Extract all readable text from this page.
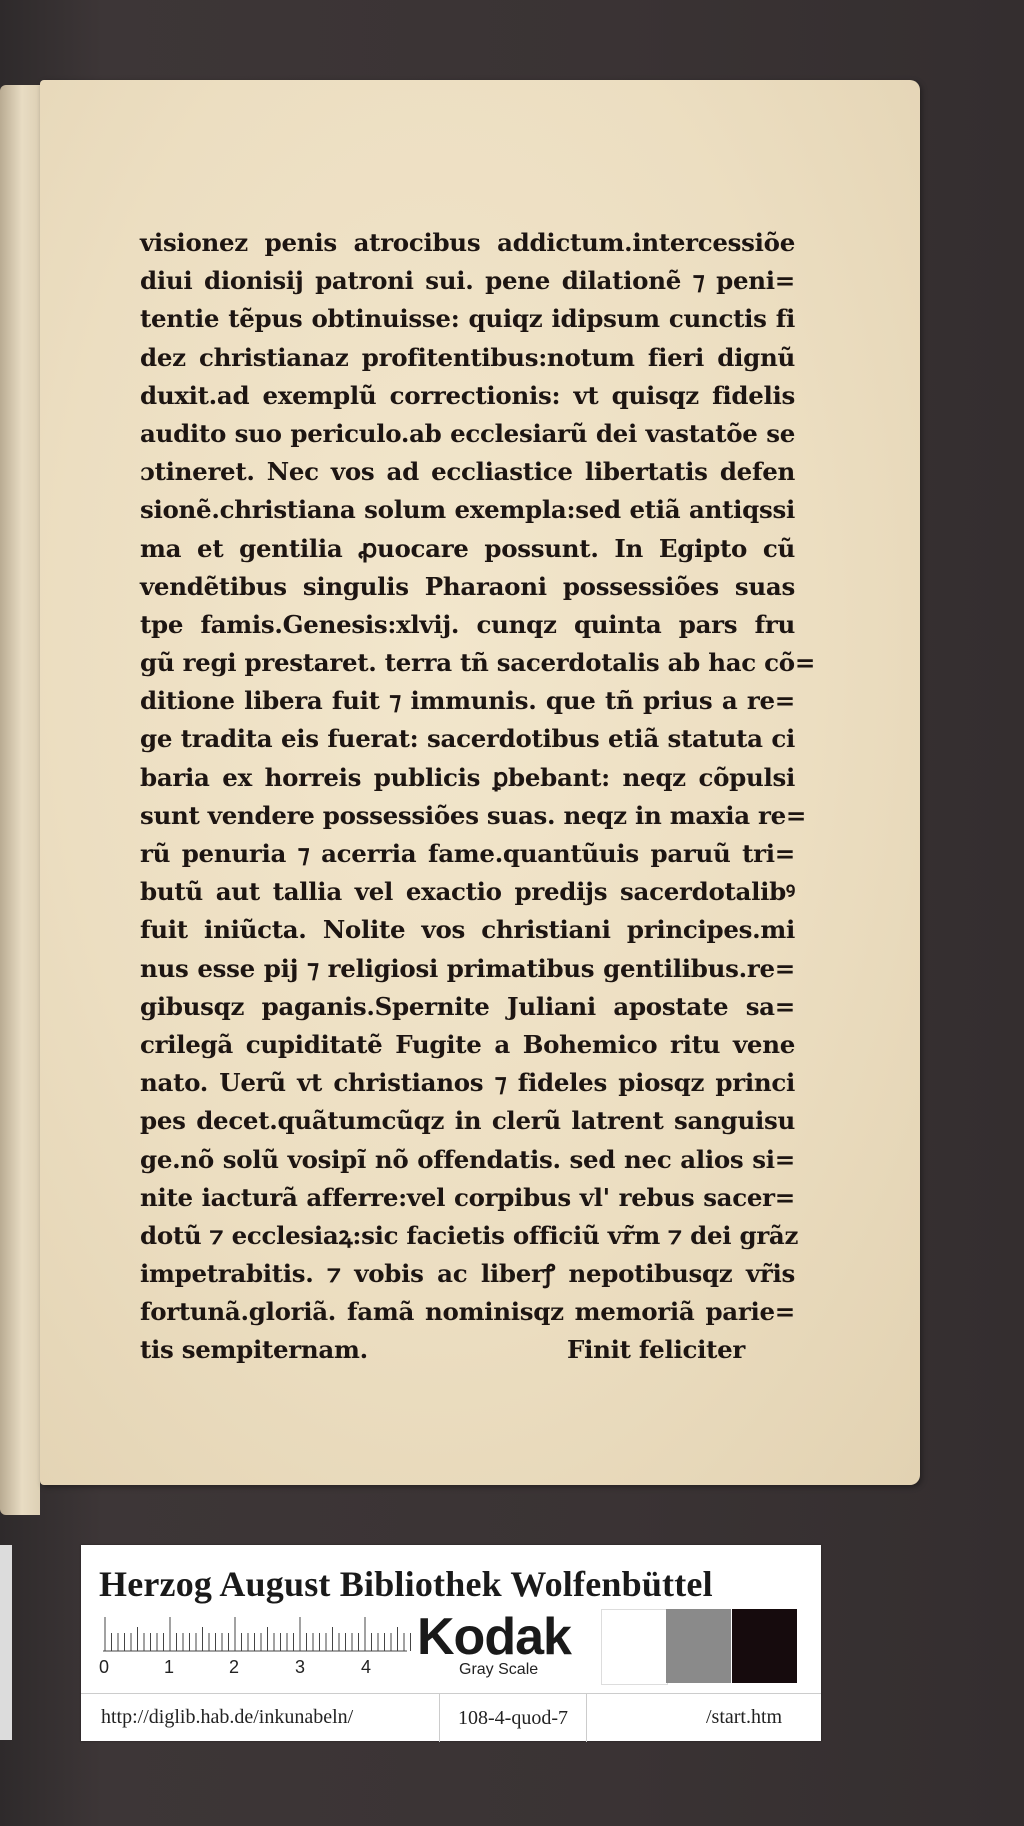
visionez penis atrocibus addictum.intercessiõe
diui dionisij patroni sui. pene dilationẽ ⁊ peni=
tentie tẽpus obtinuisse: quiqz idipsum cunctis fi
dez christianaz profitentibus:notum fieri dignũ
duxit.ad exemplũ correctionis: vt quisqz fidelis
audito suo periculo.ab ecclesiarũ dei vastatõe se
ɔtineret. Nec vos ad eccliastice libertatis defen
sionẽ.christiana solum exempla:sed etiã antiqssi
ma et gentilia ꝓuocare possunt. In Egipto cũ
vendẽtibus singulis Pharaoni possessiões suas
tpe famis.Genesis:xlvij. cunqz quinta pars fru
gũ regi prestaret. terra tñ sacerdotalis ab hac cõ=
ditione libera fuit ⁊ immunis. que tñ prius a re=
ge tradita eis fuerat: sacerdotibus etiã statuta ci
baria ex horreis publicis ꝑbebant: neqz cõpulsi
sunt vendere possessiões suas. neqz in maxia re=
rũ penuria ⁊ acerria fame.quantũuis paruũ tri=
butũ aut tallia vel exactio predijs sacerdotalibꝰ
fuit iniũcta. Nolite vos christiani principes.mi
nus esse pij ⁊ religiosi primatibus gentilibus.re=
gibusqz paganis.Spernite Juliani apostate sa=
crilegã cupiditatẽ Fugite a Bohemico ritu vene
nato. Uerũ vt christianos ⁊ fideles piosqz princi
pes decet.quãtumcũqz in clerũ latrent sanguisu
ge.nõ solũ vosipĩ nõ offendatis. sed nec alios si=
nite iacturã afferre:vel corpibus vl' rebus sacer=
dotũ ⁊ ecclesiaꝝ:sic facietis officiũ vr̃m ⁊ dei grãz
impetrabitis. ⁊ vobis ac liberꝭ nepotibusqz vr̃is
fortunã.gloriã. famã nominisqz memoriã parie=
tis sempiternam.	Finit feliciter
Herzog August Bibliothek Wolfenbüttel
0	1	2	3	4
Kodak
Gray Scale
http://diglib.hab.de/inkunabeln/	108-4-quod-7	/start.htm
